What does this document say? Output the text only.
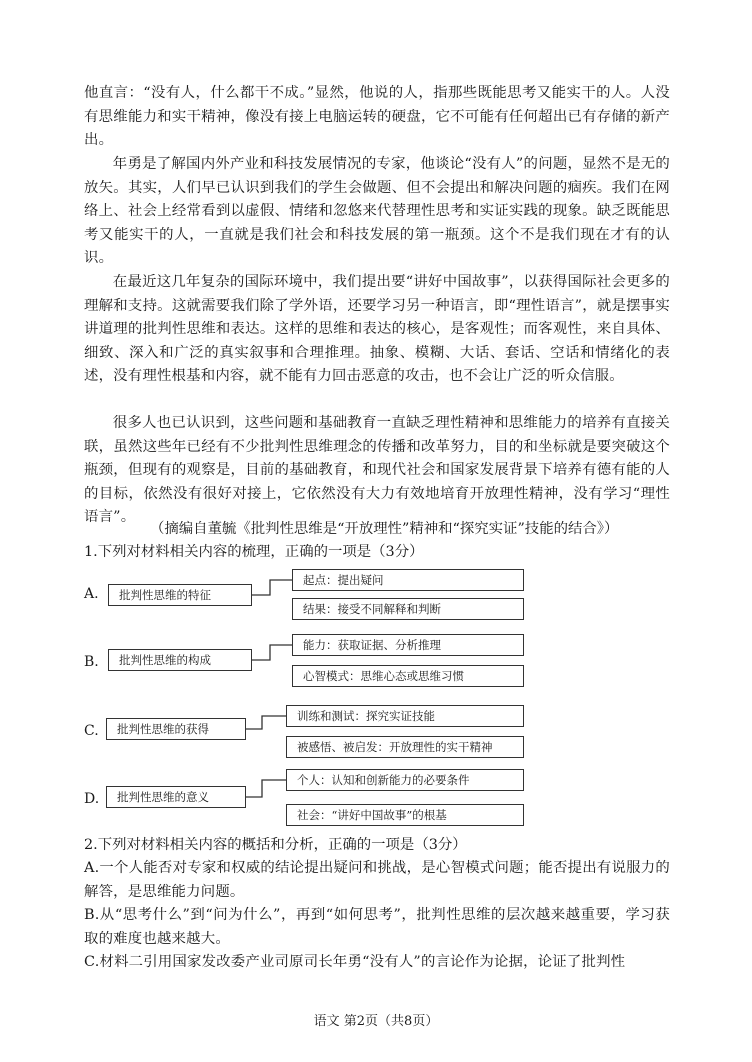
他直言：“没有人，什么都干不成。”显然，他说的人，指那些既能思考又能实干的人。人没有思维能力和实干精神，像没有接上电脑运转的硬盘，它不可能有任何超出已有存储的新产出。

年勇是了解国内外产业和科技发展情况的专家，他谈论“没有人”的问题，显然不是无的放矢。其实，人们早已认识到我们的学生会做题、但不会提出和解决问题的痼疾。我们在网络上、社会上经常看到以虚假、情绪和忽悠来代替理性思考和实证实践的现象。缺乏既能思考又能实干的人，一直就是我们社会和科技发展的第一瓶颈。这个不是我们现在才有的认识。

在最近这几年复杂的国际环境中，我们提出要“讲好中国故事”，以获得国际社会更多的理解和支持。这就需要我们除了学外语，还要学习另一种语言，即“理性语言”，就是摆事实讲道理的批判性思维和表达。这样的思维和表达的核心，是客观性；而客观性，来自具体、细致、深入和广泛的真实叙事和合理推理。抽象、模糊、大话、套话、空话和情绪化的表述，没有理性根基和内容，就不能有力回击恶意的攻击，也不会让广泛的听众信服。

很多人也已认识到，这些问题和基础教育一直缺乏理性精神和思维能力的培养有直接关联，虽然这些年已经有不少批判性思维理念的传播和改革努力，目的和坐标就是要突破这个瓶颈，但现有的观察是，目前的基础教育，和现代社会和国家发展背景下培养有德有能的人的目标，依然没有很好对接上，它依然没有大力有效地培育开放理性精神，没有学习“理性语言”。

（摘编自董毓《批判性思维是“开放理性”精神和“探究实证”技能的结合》）

1.下列对材料相关内容的梳理，正确的一项是（3分）

A.	批判性思维的特征
起点：提出疑问
结果：接受不同解释和判断
B.	批判性思维的构成
能力：获取证据、分析推理
心智模式：思维心态或思维习惯
C.	批判性思维的获得
训练和测试：探究实证技能
被感悟、被启发：开放理性的实干精神
D.	批判性思维的意义
个人：认知和创新能力的必要条件
社会：“讲好中国故事”的根基

2.下列对材料相关内容的概括和分析，正确的一项是（3分）

A.一个人能否对专家和权威的结论提出疑问和挑战，是心智模式问题；能否提出有说服力的解答，是思维能力问题。

B.从“思考什么”到“问为什么”，再到“如何思考”，批判性思维的层次越来越重要，学习获取的难度也越来越大。

C.材料二引用国家发改委产业司原司长年勇“没有人”的言论作为论据，论证了批判性

语文 第2页（共8页）
